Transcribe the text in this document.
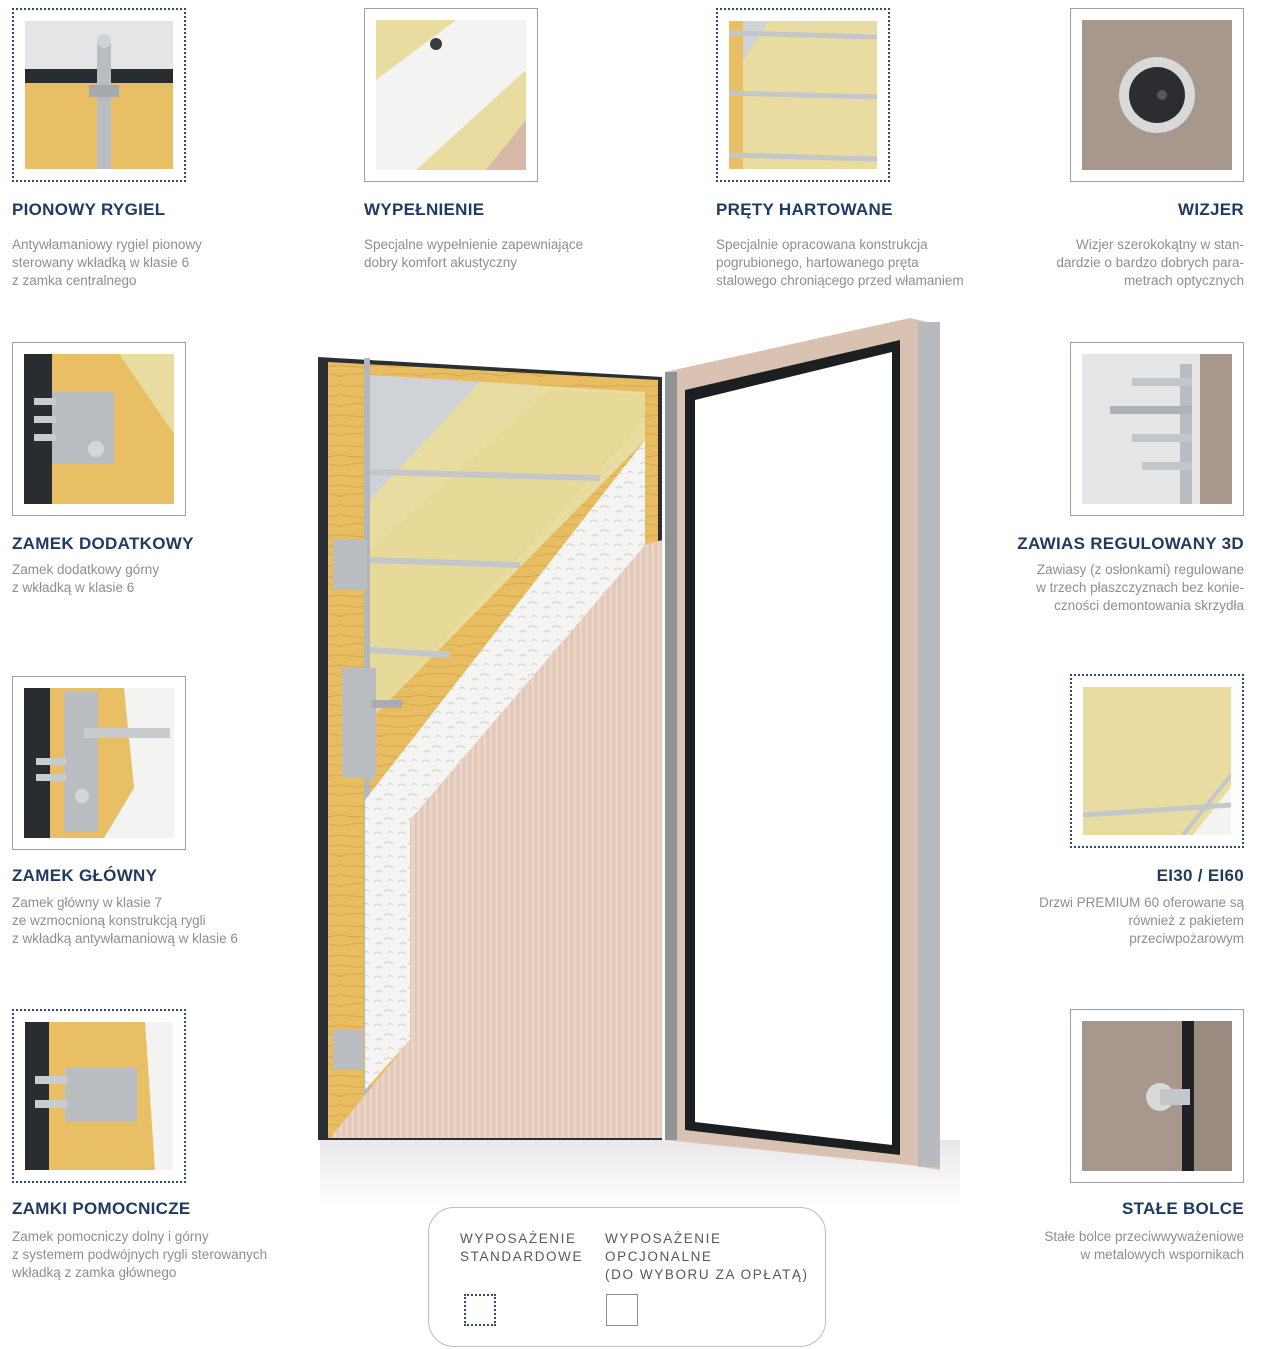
PIONOWY RYGIEL
Antywłamaniowy rygiel pionowy
sterowany wkładką w klasie 6
z zamka centralnego
WYPEŁNIENIE
Specjalne wypełnienie zapewniające
dobry komfort akustyczny
PRĘTY HARTOWANE
Specjalnie opracowana konstrukcja
pogrubionego, hartowanego pręta
stalowego chroniącego przed włamaniem
WIZJER
Wizjer szerokokątny w stan-
dardzie o bardzo dobrych para-
metrach optycznych
ZAMEK DODATKOWY
Zamek dodatkowy górny
z wkładką w klasie 6
ZAWIAS REGULOWANY 3D
Zawiasy (z osłonkami) regulowane
w trzech płaszczyznach bez konie-
czności demontowania skrzydła
ZAMEK GŁÓWNY
Zamek główny w klasie 7
ze wzmocnioną konstrukcją rygli
z wkładką antywłamaniową w klasie 6
EI30 / EI60
Drzwi PREMIUM 60 oferowane są
również z pakietem
przeciwpożarowym
ZAMKI POMOCNICZE
Zamek pomocniczy dolny i górny
z systemem podwójnych rygli sterowanych
wkładką z zamka głównego
STAŁE BOLCE
Stałe bolce przeciwwyważeniowe
w metalowych wspornikach
WYPOSAŻENIE
STANDARDOWE
WYPOSAŻENIE
OPCJONALNE
(DO WYBORU ZA OPŁATĄ)
